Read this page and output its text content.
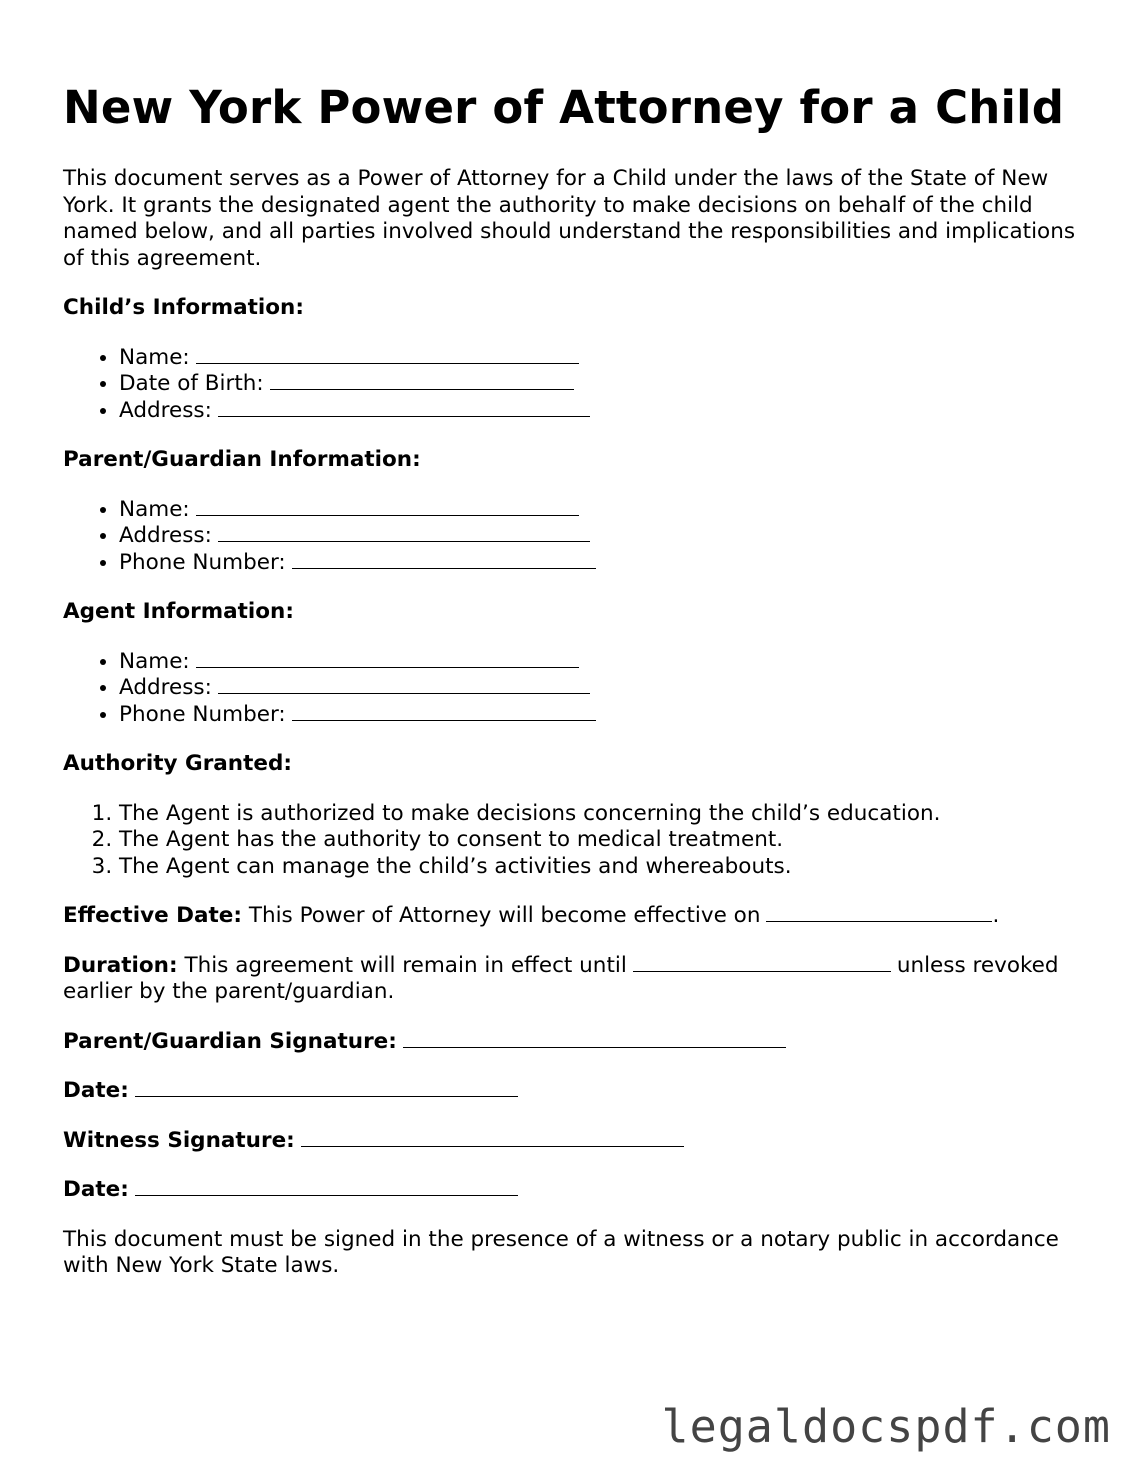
New York Power of Attorney for a Child

This document serves as a Power of Attorney for a Child under the laws of the State of New York. It grants the designated agent the authority to make decisions on behalf of the child named below, and all parties involved should understand the responsibilities and implications of this agreement.

Child’s Information:
• Name:
• Date of Birth:
• Address:
Parent/Guardian Information:
• Name:
• Address:
• Phone Number:
Agent Information:
• Name:
• Address:
• Phone Number:
Authority Granted:
1. The Agent is authorized to make decisions concerning the child’s education.
2. The Agent has the authority to consent to medical treatment.
3. The Agent can manage the child’s activities and whereabouts.

Effective Date: This Power of Attorney will become effective on	.

Duration: This agreement will remain in effect until	unless revoked earlier by the parent/guardian.

Parent/Guardian Signature:

Date:

Witness Signature:

Date:

This document must be signed in the presence of a witness or a notary public in accordance with New York State laws.

legaldocspdf.com
